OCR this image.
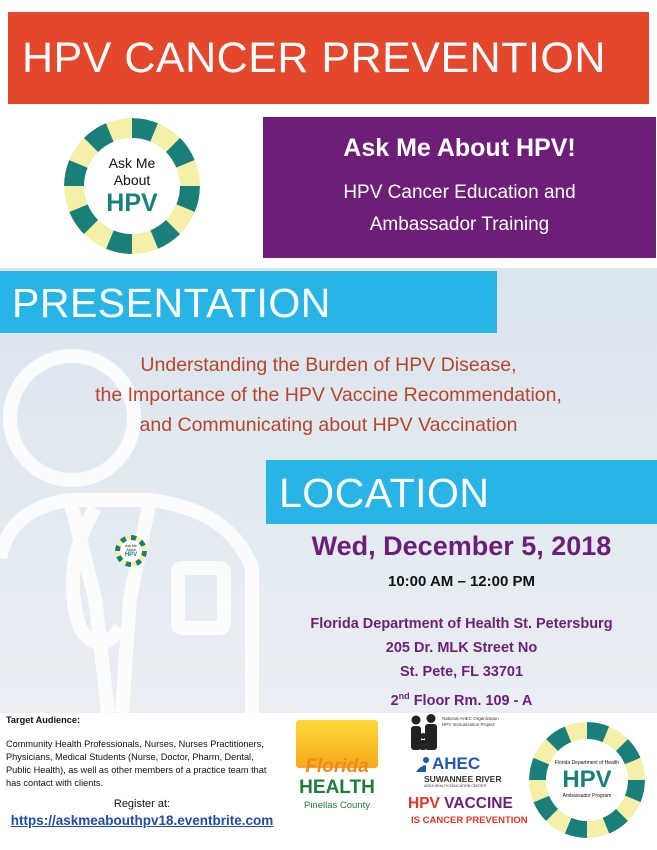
HPV CANCER PREVENTION
Ask Me
About
HPV
Ask Me About HPV!
HPV Cancer Education and
Ambassador Training
PRESENTATION
Understanding the Burden of HPV Disease,
the Importance of the HPV Vaccine Recommendation,
and Communicating about HPV Vaccination
Ask Me
About
HPV
LOCATION
Wed, December 5, 2018
10:00 AM – 12:00 PM
Florida Department of Health St. Petersburg
205 Dr. MLK Street No
St. Pete, FL 33701
2nd Floor Rm. 109 - A
Target Audience:
Community Health Professionals, Nurses, Nurses Practitioners, Physicians, Medical Students (Nurse, Doctor, Pharm, Dental, Public Health), as well as other members of a practice team that has contact with clients.
Register at:
https://askmeabouthpv18.eventbrite.com
Florida
HEALTH
Pinellas County
National AHEC Organization
HPV Immunization Project
AHEC
SUWANNEE RIVER
AREA HEALTH EDUCATION CENTER
HPV VACCINE
IS CANCER PREVENTION
Florida Department of Health
HPV
Ambassador Program
